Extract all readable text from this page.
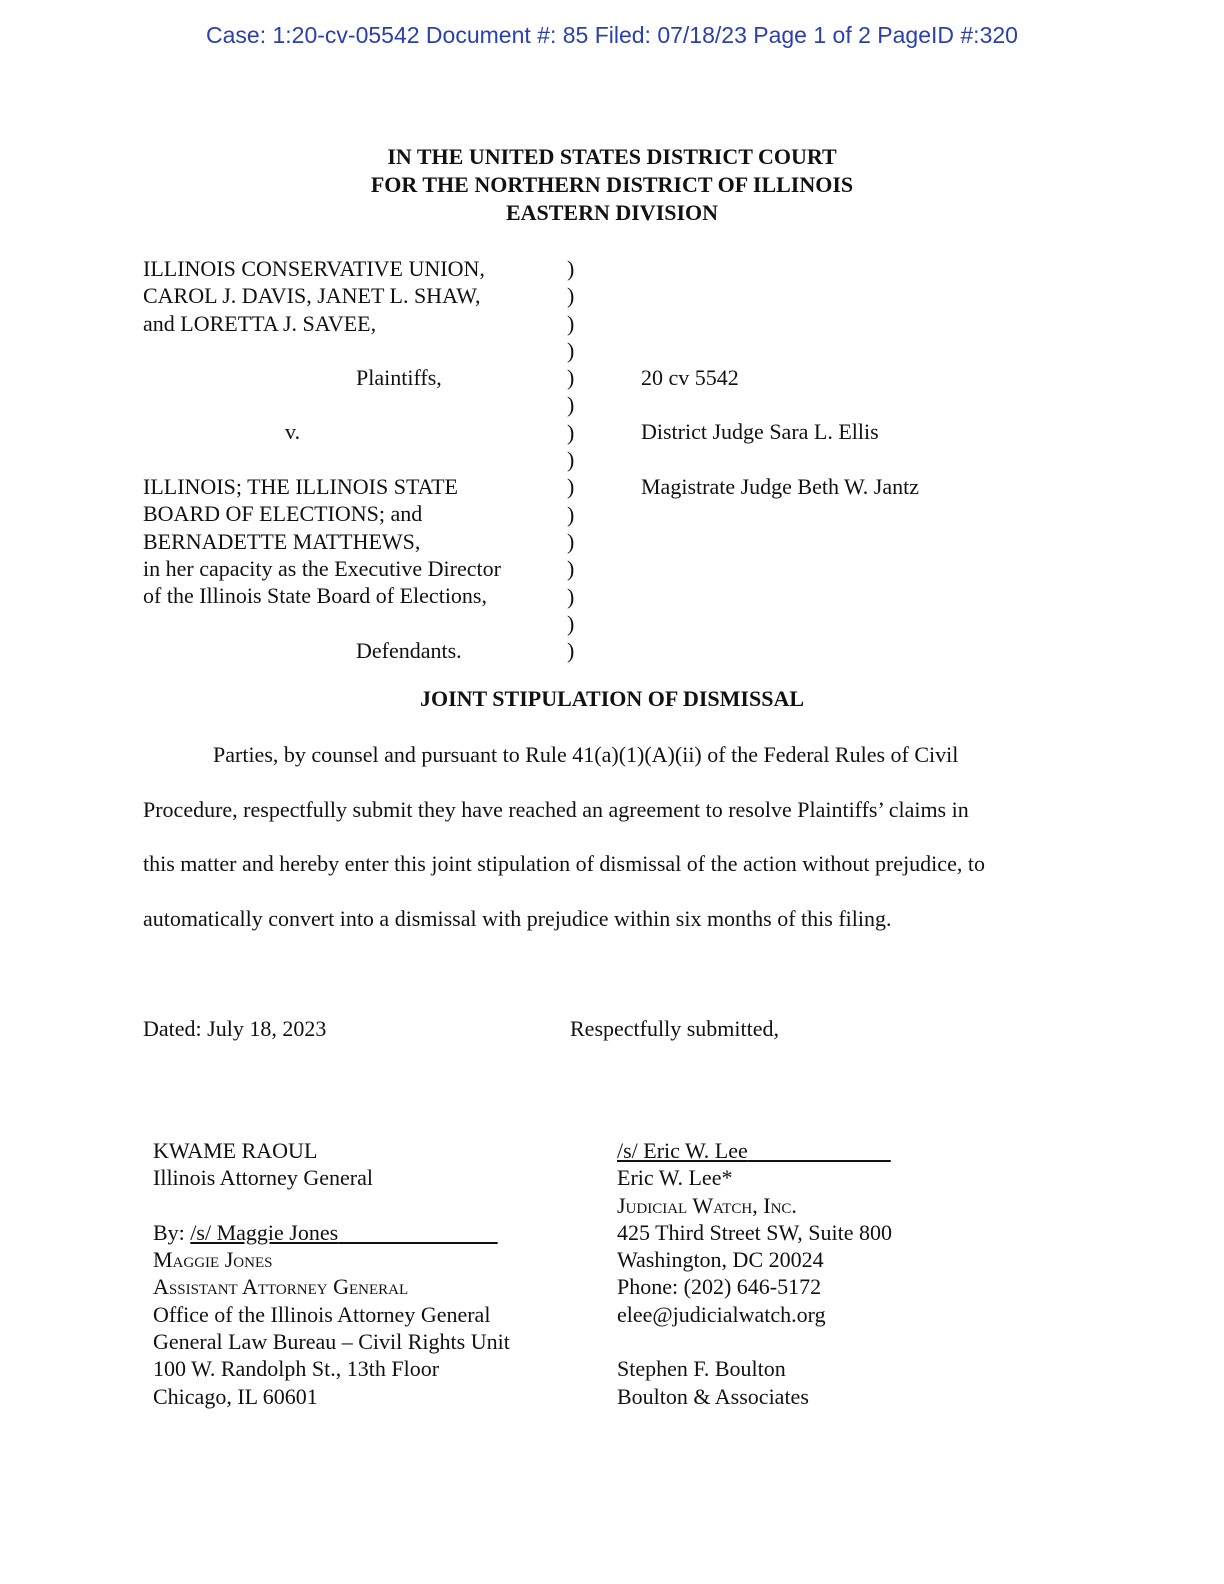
Case: 1:20-cv-05542 Document #: 85 Filed: 07/18/23 Page 1 of 2 PageID #:320
IN THE UNITED STATES DISTRICT COURT
FOR THE NORTHERN DISTRICT OF ILLINOIS
EASTERN DIVISION
ILLINOIS CONSERVATIVE UNION,
CAROL J. DAVIS, JANET L. SHAW,
and LORETTA J. SAVEE,
Plaintiffs,
v.
ILLINOIS; THE ILLINOIS STATE
BOARD OF ELECTIONS; and
BERNADETTE MATTHEWS,
in her capacity as the Executive Director
of the Illinois State Board of Elections,
Defendants.
)
)
)
)
)
)
)
)
)
)
)
)
)
)
)
20 cv 5542
District Judge Sara L. Ellis
Magistrate Judge Beth W. Jantz
JOINT STIPULATION OF DISMISSAL
Parties, by counsel and pursuant to Rule 41(a)(1)(A)(ii) of the Federal Rules of Civil
Procedure, respectfully submit they have reached an agreement to resolve Plaintiffs’ claims in
this matter and hereby enter this joint stipulation of dismissal of the action without prejudice, to
automatically convert into a dismissal with prejudice within six months of this filing.
Dated: July 18, 2023	Respectfully submitted,
KWAME RAOUL
Illinois Attorney General
By: /s/ Maggie Jones
Maggie Jones
Assistant Attorney General
Office of the Illinois Attorney General
General Law Bureau – Civil Rights Unit
100 W. Randolph St., 13th Floor
Chicago, IL 60601
/s/ Eric W. Lee
Eric W. Lee*
Judicial Watch, Inc.
425 Third Street SW, Suite 800
Washington, DC 20024
Phone: (202) 646-5172
elee@judicialwatch.org
Stephen F. Boulton
Boulton & Associates
